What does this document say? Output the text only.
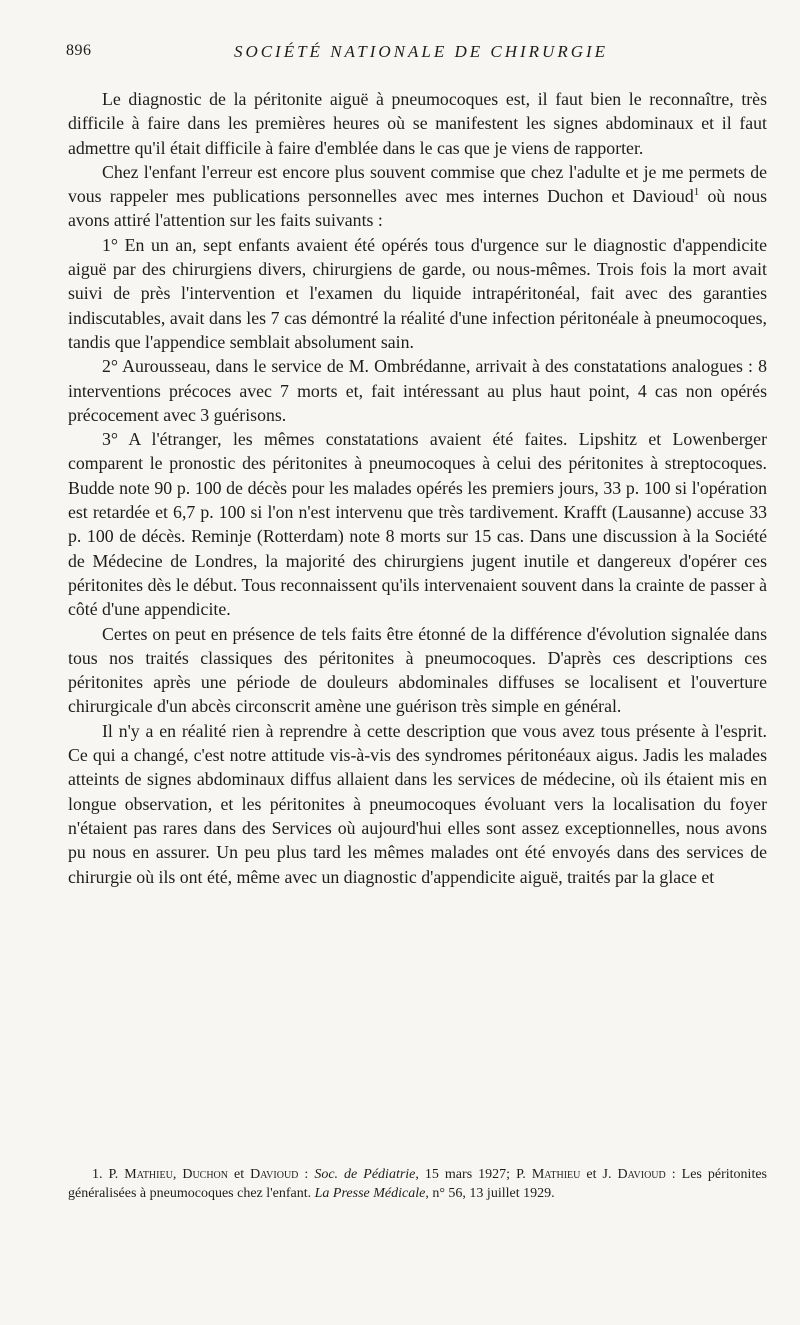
896	SOCIÉTÉ NATIONALE DE CHIRURGIE

Le diagnostic de la péritonite aiguë à pneumocoques est, il faut bien le reconnaître, très difficile à faire dans les premières heures où se manifestent les signes abdominaux et il faut admettre qu'il était difficile à faire d'emblée dans le cas que je viens de rapporter.

Chez l'enfant l'erreur est encore plus souvent commise que chez l'adulte et je me permets de vous rappeler mes publications personnelles avec mes internes Duchon et Davioud$^1$ où nous avons attiré l'attention sur les faits suivants :

1° En un an, sept enfants avaient été opérés tous d'urgence sur le diagnostic d'appendicite aiguë par des chirurgiens divers, chirurgiens de garde, ou nous-mêmes. Trois fois la mort avait suivi de près l'intervention et l'examen du liquide intrapéritonéal, fait avec des garanties indiscutables, avait dans les 7 cas démontré la réalité d'une infection péritonéale à pneumocoques, tandis que l'appendice semblait absolument sain.

2° Aurousseau, dans le service de M. Ombrédanne, arrivait à des constatations analogues : 8 interventions précoces avec 7 morts et, fait intéressant au plus haut point, 4 cas non opérés précocement avec 3 guérisons.

3° A l'étranger, les mêmes constatations avaient été faites. Lipshitz et Lowenberger comparent le pronostic des péritonites à pneumocoques à celui des péritonites à streptocoques. Budde note 90 p. 100 de décès pour les malades opérés les premiers jours, 33 p. 100 si l'opération est retardée et 6,7 p. 100 si l'on n'est intervenu que très tardivement. Krafft (Lausanne) accuse 33 p. 100 de décès. Reminje (Rotterdam) note 8 morts sur 15 cas. Dans une discussion à la Société de Médecine de Londres, la majorité des chirurgiens jugent inutile et dangereux d'opérer ces péritonites dès le début. Tous reconnaissent qu'ils intervenaient souvent dans la crainte de passer à côté d'une appendicite.

Certes on peut en présence de tels faits être étonné de la différence d'évolution signalée dans tous nos traités classiques des péritonites à pneumocoques. D'après ces descriptions ces péritonites après une période de douleurs abdominales diffuses se localisent et l'ouverture chirurgicale d'un abcès circonscrit amène une guérison très simple en général.

Il n'y a en réalité rien à reprendre à cette description que vous avez tous présente à l'esprit. Ce qui a changé, c'est notre attitude vis-à-vis des syndromes péritonéaux aigus. Jadis les malades atteints de signes abdominaux diffus allaient dans les services de médecine, où ils étaient mis en longue observation, et les péritonites à pneumocoques évoluant vers la localisation du foyer n'étaient pas rares dans des Services où aujourd'hui elles sont assez exceptionnelles, nous avons pu nous en assurer. Un peu plus tard les mêmes malades ont été envoyés dans des services de chirurgie où ils ont été, même avec un diagnostic d'appendicite aiguë, traités par la glace et

1. P. Mathieu, Duchon et Davioud : Soc. de Pédiatrie, 15 mars 1927; P. Mathieu et J. Davioud : Les péritonites généralisées à pneumocoques chez l'enfant. La Presse Médicale, n° 56, 13 juillet 1929.
